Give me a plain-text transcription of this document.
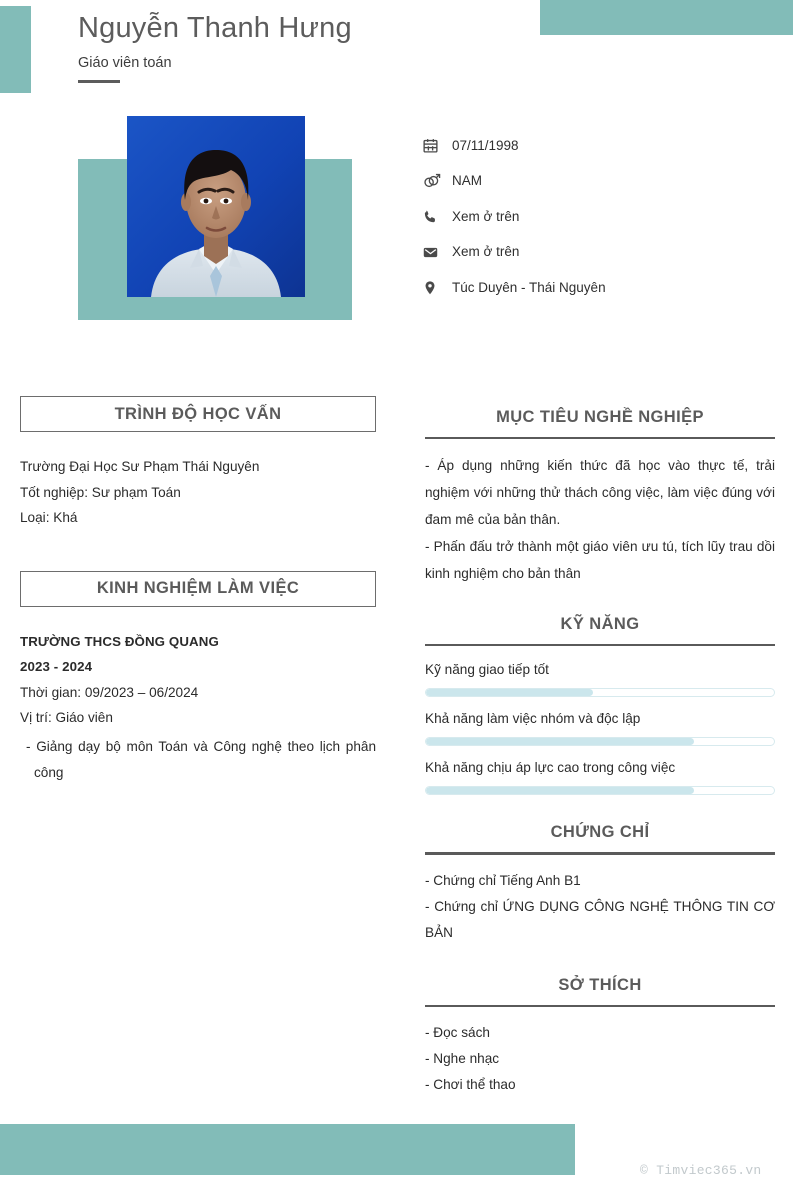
Nguyễn Thanh Hưng
Giáo viên toán
07/11/1998
NAM
Xem ở trên
Xem ở trên
Túc Duyên - Thái Nguyên
TRÌNH ĐỘ HỌC VẤN
Trường Đại Học Sư Phạm Thái Nguyên
Tốt nghiệp: Sư phạm Toán
Loại: Khá
KINH NGHIỆM LÀM VIỆC
TRƯỜNG THCS ĐỒNG QUANG
2023 - 2024
Thời gian: 09/2023 – 06/2024
Vị trí: Giáo viên
- Giảng dạy bộ môn Toán và Công nghệ theo lịch phân công
MỤC TIÊU NGHỀ NGHIỆP
- Áp dụng những kiến thức đã học vào thực tế, trải nghiệm với những thử thách công việc, làm việc đúng với đam mê của bản thân.
- Phấn đấu trở thành một giáo viên ưu tú, tích lũy trau dồi kinh nghiệm cho bản thân
KỸ NĂNG
Kỹ năng giao tiếp tốt
Khả năng làm việc nhóm và độc lập
Khả năng chịu áp lực cao trong công việc
CHỨNG CHỈ
- Chứng chỉ Tiếng Anh B1
- Chứng chỉ ỨNG DỤNG CÔNG NGHỆ THÔNG TIN CƠ BẢN
SỞ THÍCH
- Đọc sách
- Nghe nhạc
- Chơi thể thao
© Timviec365.vn
